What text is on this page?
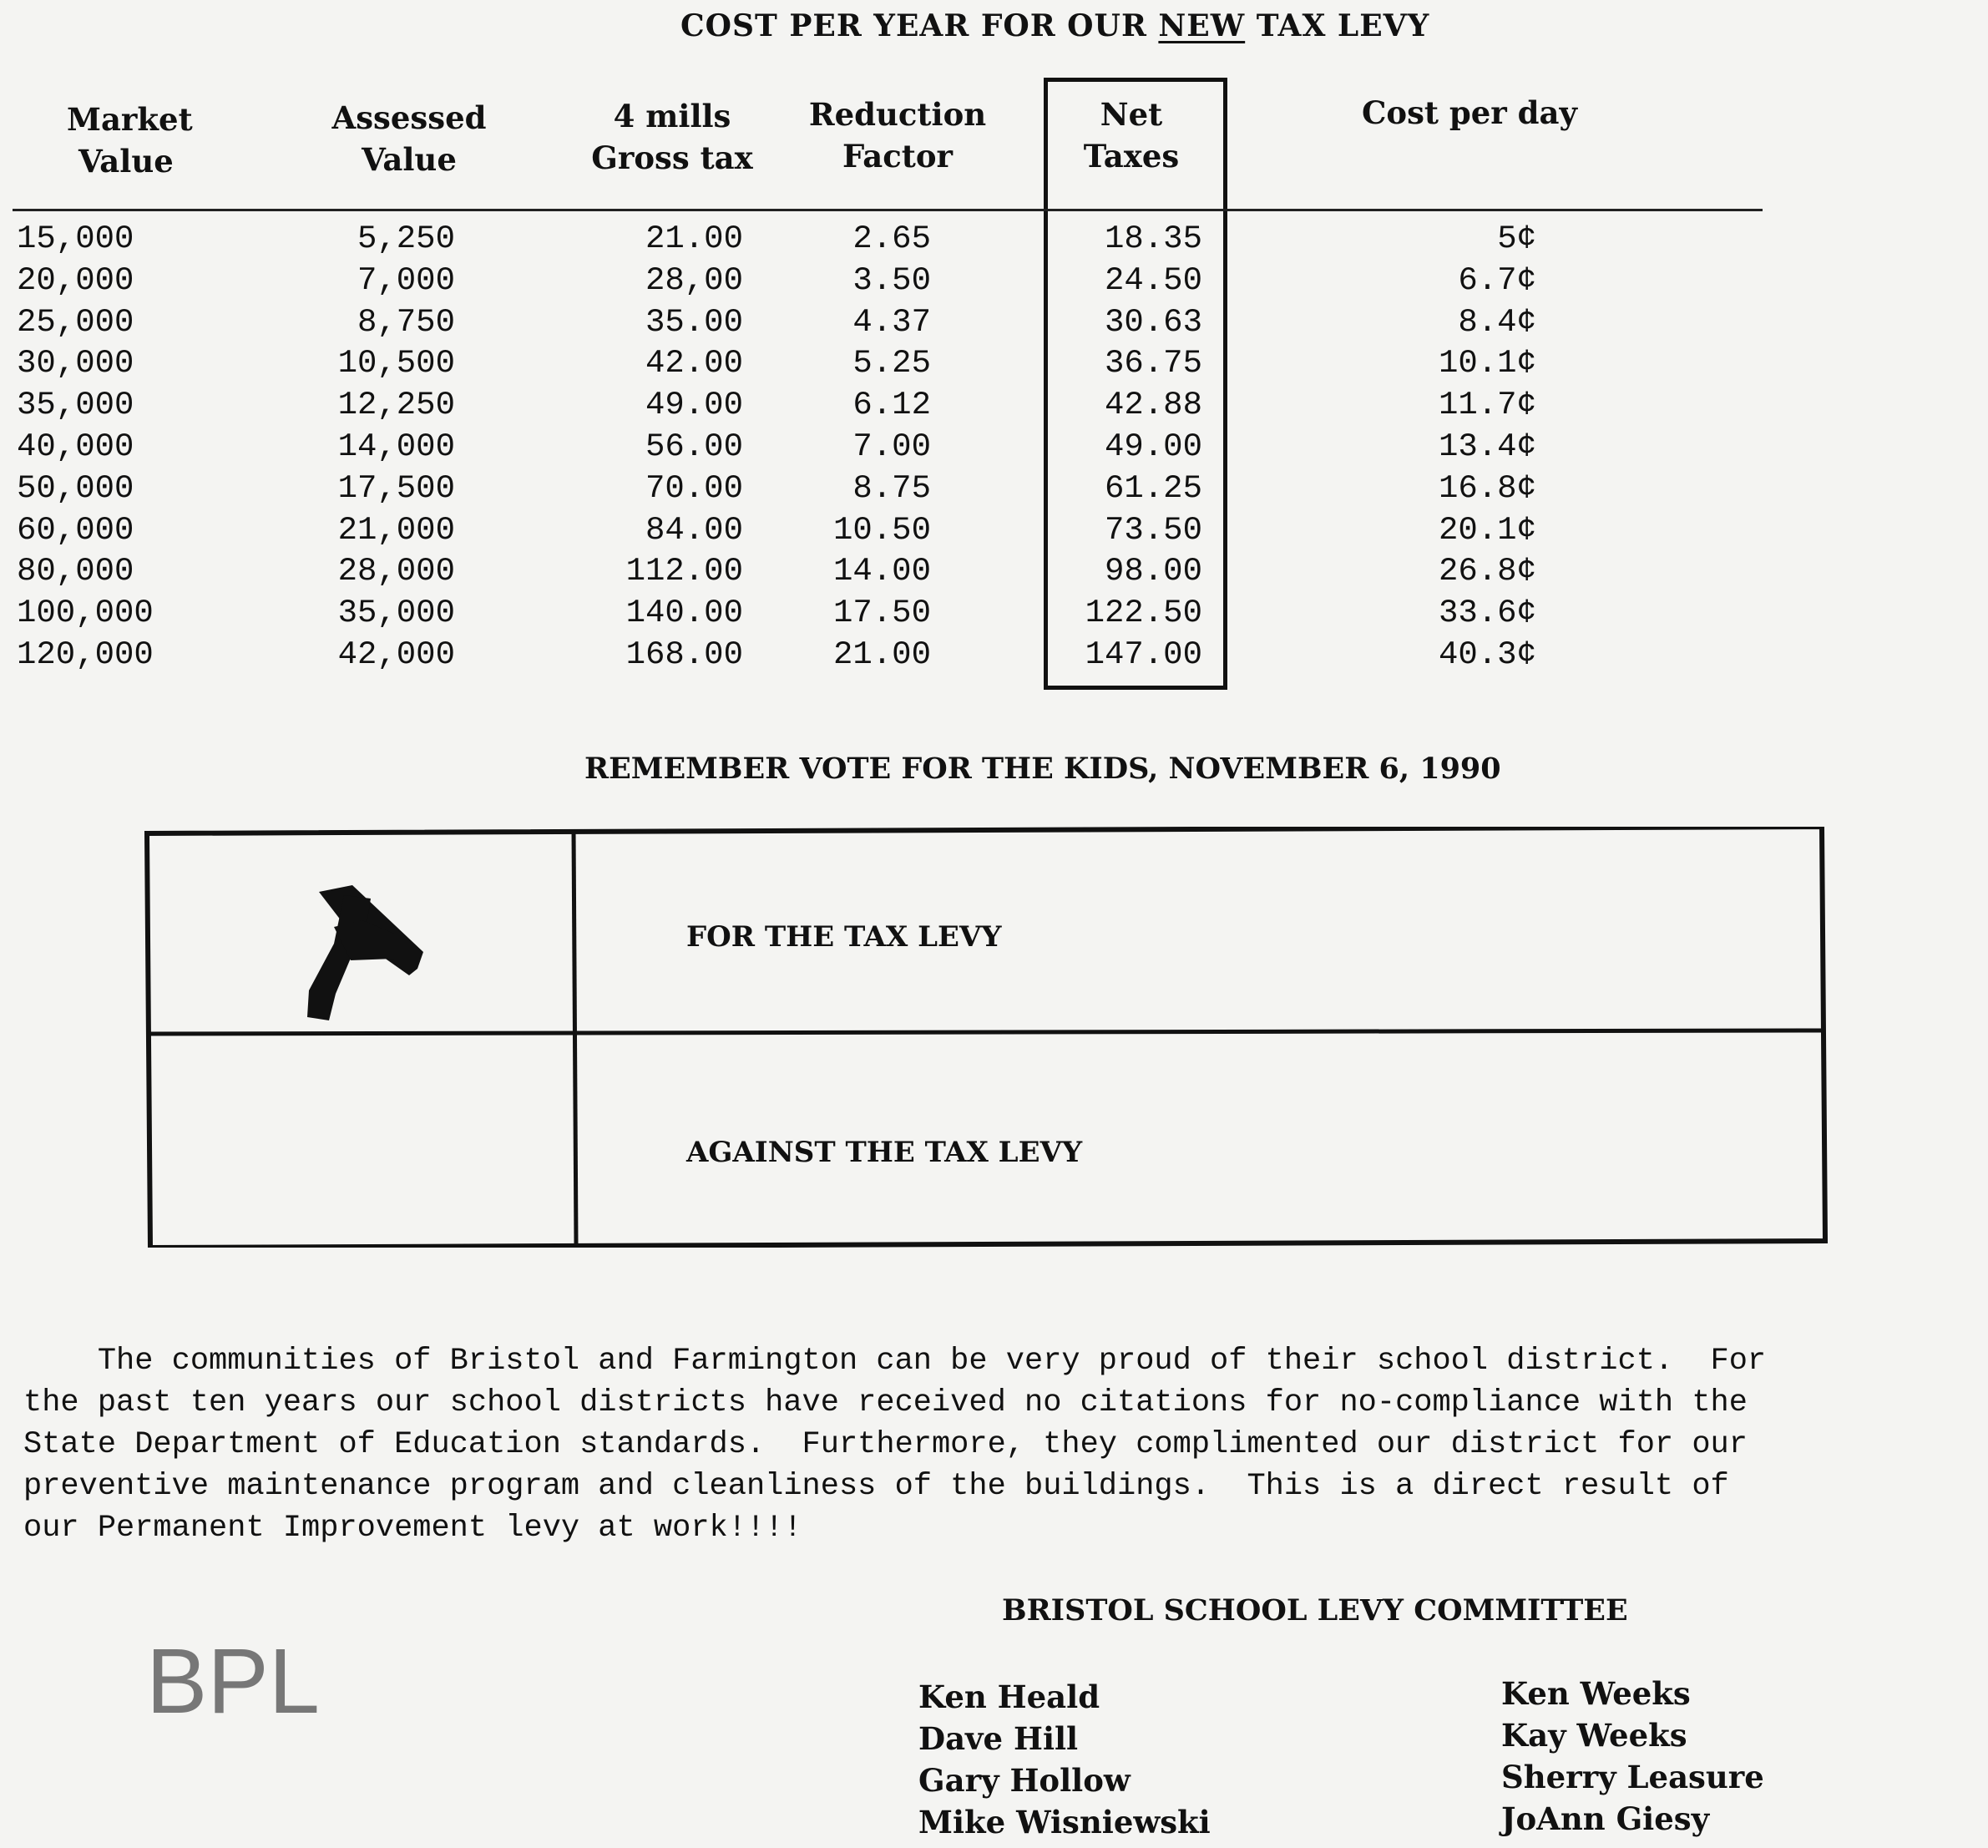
COST PER YEAR FOR OUR NEW TAX LEVY
Market
Value
Assessed
Value
4 mills
Gross tax
Reduction
Factor
Net
Taxes
Cost per day
15,000
20,000
25,000
30,000
35,000
40,000
50,000
60,000
80,000
100,000
120,000
5,250
7,000
8,750
10,500
12,250
14,000
17,500
21,000
28,000
35,000
42,000
21.00
28,00
35.00
42.00
49.00
56.00
70.00
84.00
112.00
140.00
168.00
2.65
3.50
4.37
5.25
6.12
7.00
8.75
10.50
14.00
17.50
21.00
18.35
24.50
30.63
36.75
42.88
49.00
61.25
73.50
98.00
122.50
147.00
5¢
6.7¢
8.4¢
10.1¢
11.7¢
13.4¢
16.8¢
20.1¢
26.8¢
33.6¢
40.3¢
REMEMBER VOTE FOR THE KIDS, NOVEMBER 6, 1990
FOR THE TAX LEVY
AGAINST THE TAX LEVY
The communities of Bristol and Farmington can be very proud of their school district.  For
the past ten years our school districts have received no citations for no-compliance with the
State Department of Education standards.  Furthermore, they complimented our district for our
preventive maintenance program and cleanliness of the buildings.  This is a direct result of
our Permanent Improvement levy at work!!!!
BRISTOL SCHOOL LEVY COMMITTEE
Ken Heald
Dave Hill
Gary Hollow
Mike Wisniewski
Ken Weeks
Kay Weeks
Sherry Leasure
JoAnn Giesy
BPL
